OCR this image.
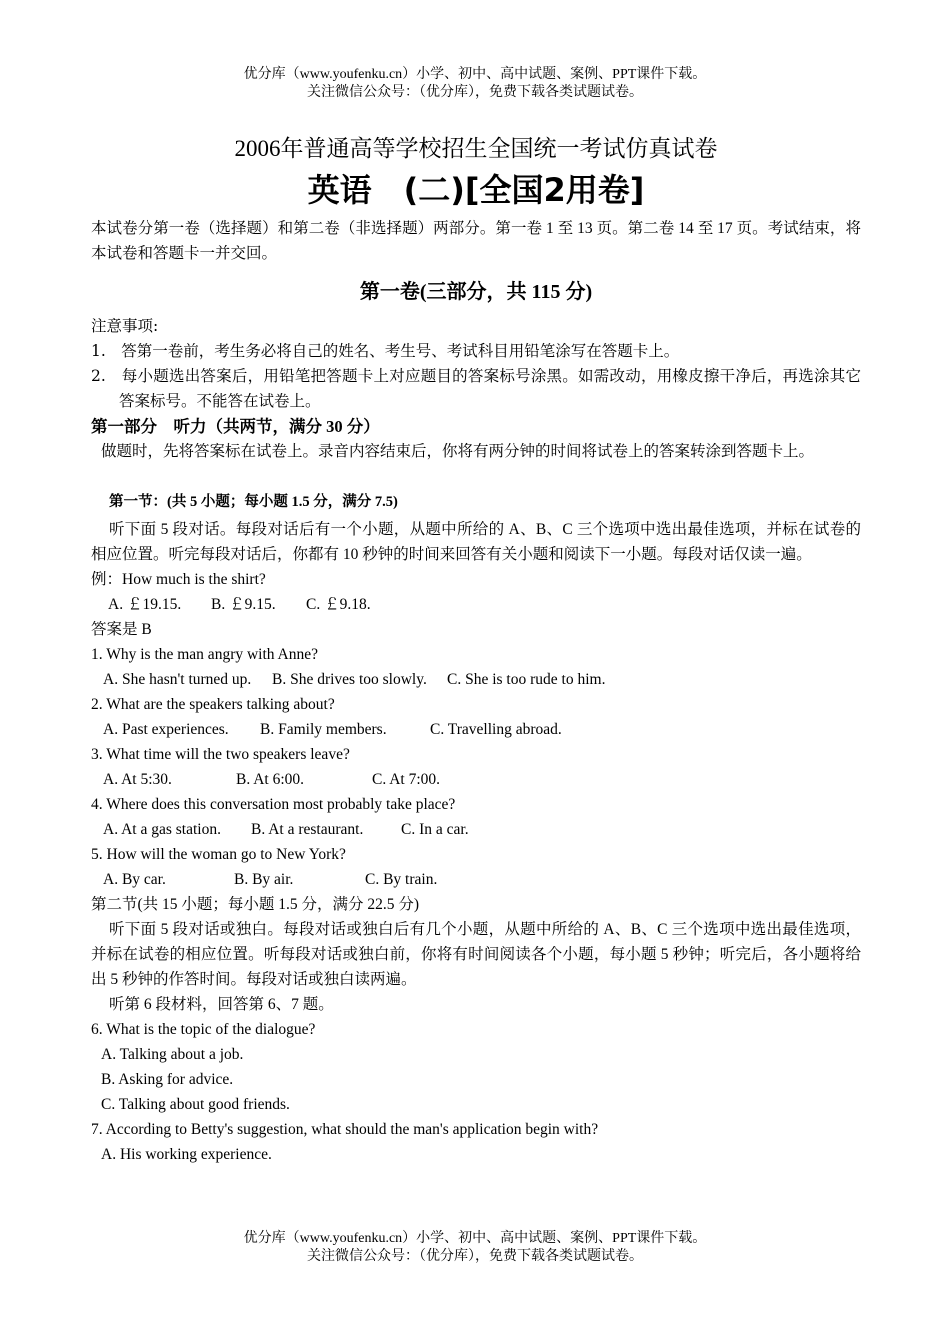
优分库（www.youfenku.cn）小学、初中、高中试题、案例、PPT课件下载。
关注微信公众号：（优分库），免费下载各类试题试卷。
2006年普通高等学校招生全国统一考试仿真试卷
英语　(二)[全国2用卷]
本试卷分第一卷（选择题）和第二卷（非选择题）两部分。第一卷 1 至 13 页。第二卷 14 至 17 页。考试结束，将本试卷和答题卡一并交回。
第一卷(三部分，共 115 分)
注意事项:
1.　答第一卷前，考生务必将自己的姓名、考生号、考试科目用铅笔涂写在答题卡上。
2.　每小题选出答案后，用铅笔把答题卡上对应题目的答案标号涂黑。如需改动，用橡皮擦干净后，再选涂其它答案标号。不能答在试卷上。
第一部分　听力（共两节，满分 30 分）
做题时，先将答案标在试卷上。录音内容结束后，你将有两分钟的时间将试卷上的答案转涂到答题卡上。
第一节：(共 5 小题；每小题 1.5 分，满分 7.5)
听下面 5 段对话。每段对话后有一个小题，从题中所给的 A、B、C 三个选项中选出最佳选项，并标在试卷的相应位置。听完每段对话后，你都有 10 秒钟的时间来回答有关小题和阅读下一小题。每段对话仅读一遍。
例：How much is the shirt?
A. ￡19.15. B. ￡9.15. C. ￡9.18.
答案是 B
1. Why is the man angry with Anne?
A. She hasn't turned up. B. She drives too slowly. C. She is too rude to him.
2. What are the speakers talking about?
A. Past experiences. B. Family members.	C. Travelling abroad.
3. What time will the two speakers leave?
A. At 5:30.	B. At 6:00.	C. At 7:00.
4. Where does this conversation most probably take place?
A. At a gas station. B. At a restaurant. C. In a car.
5. How will the woman go to New York?
A. By car.	B. By air.	C. By train.
第二节(共 15 小题；每小题 1.5 分，满分 22.5 分)
听下面 5 段对话或独白。每段对话或独白后有几个小题，从题中所给的 A、B、C 三个选项中选出最佳选项，并标在试卷的相应位置。听每段对话或独白前，你将有时间阅读各个小题，每小题 5 秒钟；听完后，各小题将给出 5 秒钟的作答时间。每段对话或独白读两遍。
听第 6 段材料，回答第 6、7 题。
6. What is the topic of the dialogue?
A. Talking about a job.
B. Asking for advice.
C. Talking about good friends.
7. According to Betty's suggestion, what should the man's application begin with?
A. His working experience.
优分库（www.youfenku.cn）小学、初中、高中试题、案例、PPT课件下载。
关注微信公众号：（优分库），免费下载各类试题试卷。
